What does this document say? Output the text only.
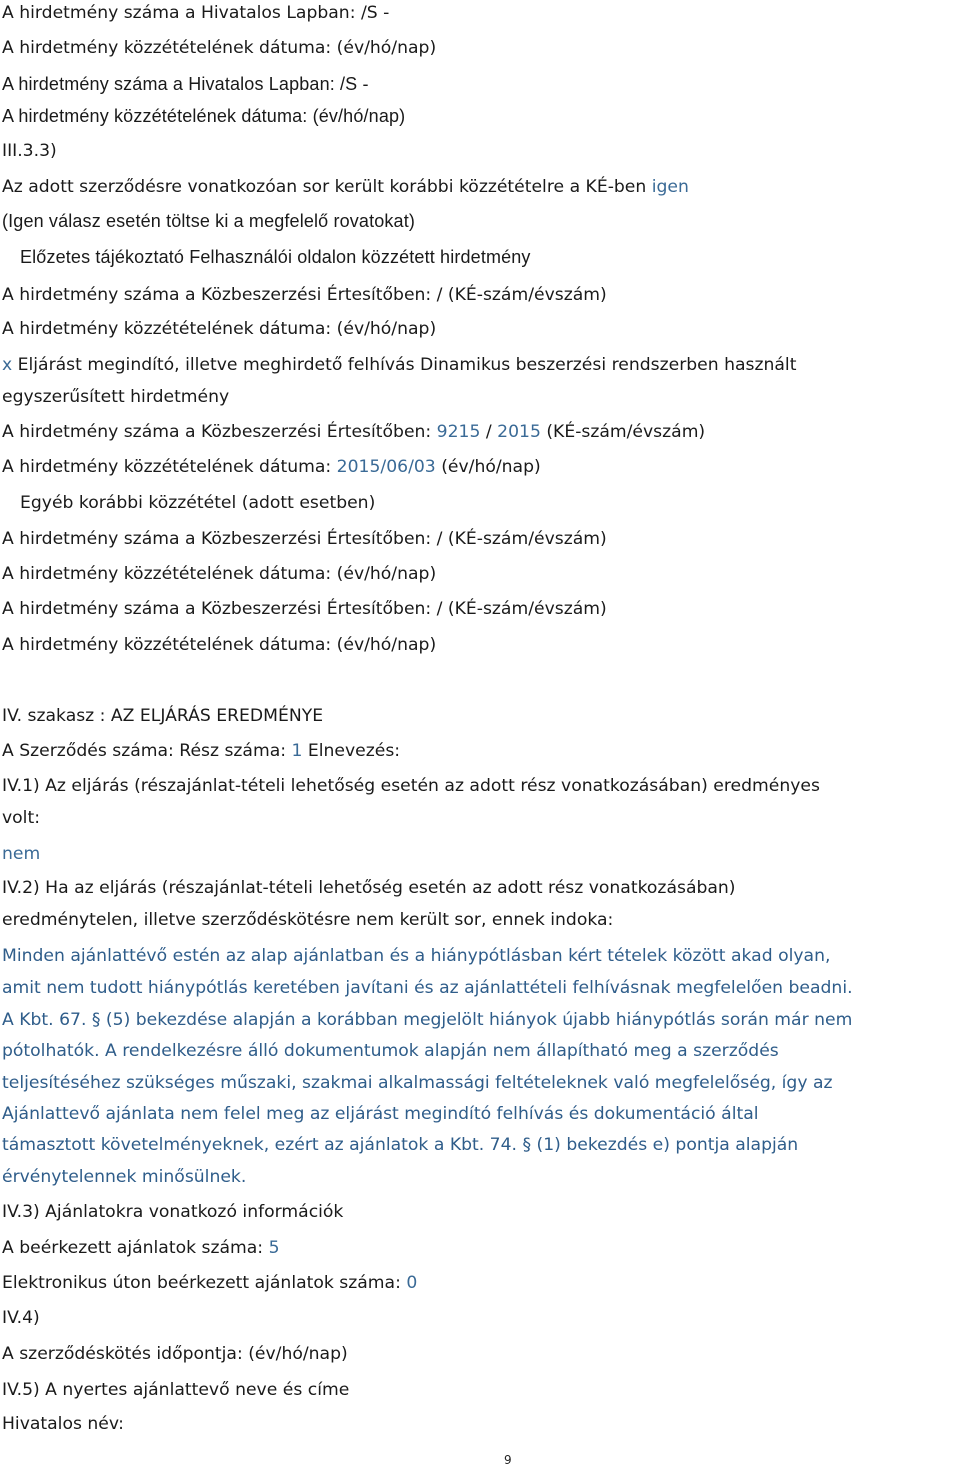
A hirdetmény száma a Hivatalos Lapban: /S -
A hirdetmény közzétételének dátuma: (év/hó/nap)
A hirdetmény száma a Hivatalos Lapban: /S -
A hirdetmény közzétételének dátuma: (év/hó/nap)
III.3.3)
Az adott szerződésre vonatkozóan sor került korábbi közzétételre a KÉ-ben igen
(Igen válasz esetén töltse ki a megfelelő rovatokat)
Előzetes tájékoztató Felhasználói oldalon közzétett hirdetmény
A hirdetmény száma a Közbeszerzési Értesítőben: / (KÉ-szám/évszám)
A hirdetmény közzétételének dátuma: (év/hó/nap)
x Eljárást megindító, illetve meghirdető felhívás Dinamikus beszerzési rendszerben használt
egyszerűsített hirdetmény
A hirdetmény száma a Közbeszerzési Értesítőben: 9215 / 2015 (KÉ-szám/évszám)
A hirdetmény közzétételének dátuma: 2015/06/03 (év/hó/nap)
Egyéb korábbi közzététel (adott esetben)
A hirdetmény száma a Közbeszerzési Értesítőben: / (KÉ-szám/évszám)
A hirdetmény közzétételének dátuma: (év/hó/nap)
A hirdetmény száma a Közbeszerzési Értesítőben: / (KÉ-szám/évszám)
A hirdetmény közzétételének dátuma: (év/hó/nap)
IV. szakasz : AZ ELJÁRÁS EREDMÉNYE
A Szerződés száma: Rész száma: 1 Elnevezés:
IV.1) Az eljárás (részajánlat-tételi lehetőség esetén az adott rész vonatkozásában) eredményes
volt:
nem
IV.2) Ha az eljárás (részajánlat-tételi lehetőség esetén az adott rész vonatkozásában)
eredménytelen, illetve szerződéskötésre nem került sor, ennek indoka:
Minden ajánlattévő estén az alap ajánlatban és a hiánypótlásban kért tételek között akad olyan,
amit nem tudott hiánypótlás keretében javítani és az ajánlattételi felhívásnak megfelelően beadni.
A Kbt. 67. § (5) bekezdése alapján a korábban megjelölt hiányok újabb hiánypótlás során már nem
pótolhatók. A rendelkezésre álló dokumentumok alapján nem állapítható meg a szerződés
teljesítéséhez szükséges műszaki, szakmai alkalmassági feltételeknek való megfelelőség, így az
Ajánlattevő ajánlata nem felel meg az eljárást megindító felhívás és dokumentáció által
támasztott követelményeknek, ezért az ajánlatok a Kbt. 74. § (1) bekezdés e) pontja alapján
érvénytelennek minősülnek.
IV.3) Ajánlatokra vonatkozó információk
A beérkezett ajánlatok száma: 5
Elektronikus úton beérkezett ajánlatok száma: 0
IV.4)
A szerződéskötés időpontja: (év/hó/nap)
IV.5) A nyertes ajánlattevő neve és címe
Hivatalos név:
9
